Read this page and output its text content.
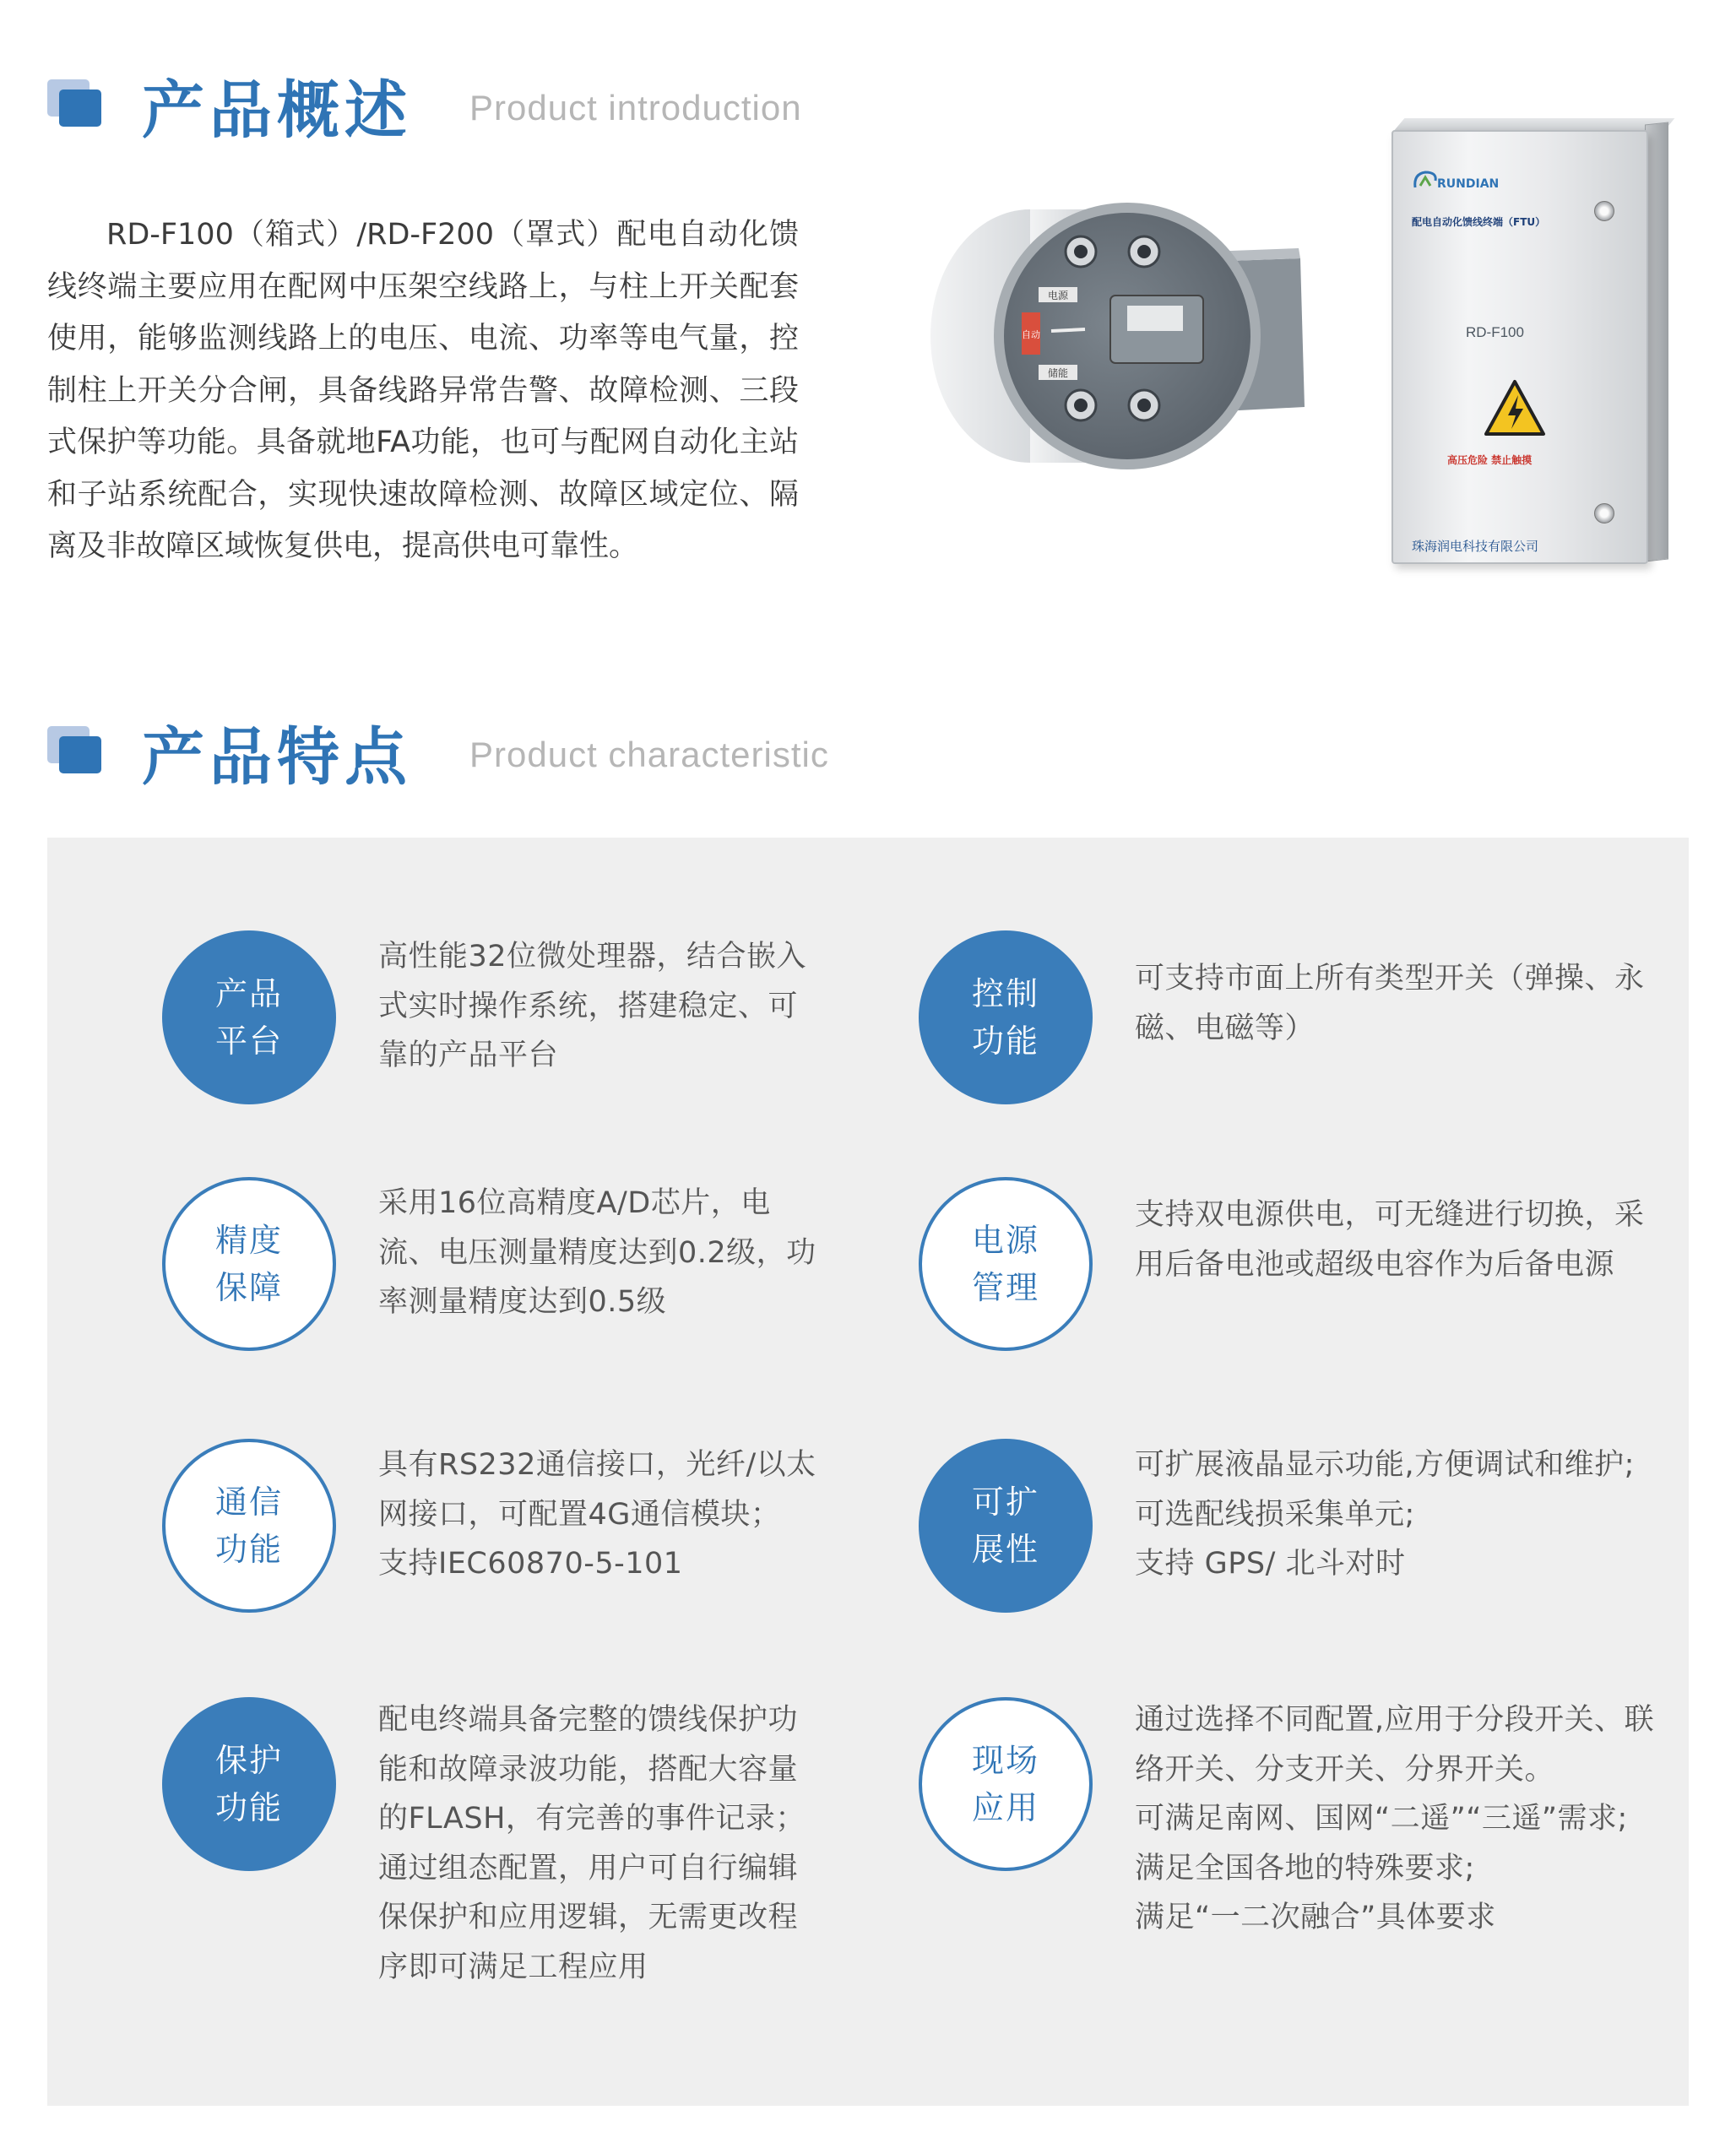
产品概述 Product introduction

RD-F100（箱式）/RD-F200（罩式）配电自动化馈线终端主要应用在配网中压架空线路上，与柱上开关配套使用，能够监测线路上的电压、电流、功率等电气量，控制柱上开关分合闸，具备线路异常告警、故障检测、三段式保护等功能。具备就地FA功能，也可与配网自动化主站和子站系统配合，实现快速故障检测、故障区域定位、隔离及非故障区域恢复供电，提高供电可靠性。

电源
储能
自动
RUNDIAN
配电自动化馈线终端（FTU）
RD-F100
高压危险 禁止触摸
珠海润电科技有限公司
产品特点 Product characteristic
产品
平台
高性能32位微处理器，结合嵌入
式实时操作系统，搭建稳定、可
靠的产品平台
控制
功能
可支持市面上所有类型开关（弹操、永
磁、电磁等）
精度
保障
采用16位高精度A/D芯片，电
流、电压测量精度达到0.2级，功
率测量精度达到0.5级
电源
管理
支持双电源供电，可无缝进行切换，采
用后备电池或超级电容作为后备电源
通信
功能
具有RS232通信接口，光纤/以太
网接口，可配置4G通信模块；
支持IEC60870-5-101
可扩
展性
可扩展液晶显示功能,方便调试和维护;
可选配线损采集单元;
支持 GPS/ 北斗对时
保护
功能
配电终端具备完整的馈线保护功
能和故障录波功能，搭配大容量
的FLASH，有完善的事件记录；
通过组态配置，用户可自行编辑
保保护和应用逻辑，无需更改程
序即可满足工程应用
现场
应用
通过选择不同配置,应用于分段开关、联
络开关、分支开关、分界开关。
可满足南网、国网“二遥”“三遥”需求;
满足全国各地的特殊要求;
满足“一二次融合”具体要求
